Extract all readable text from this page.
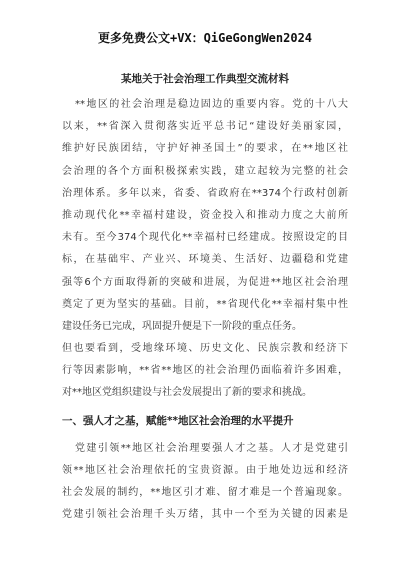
更多免费公文+VX：QiGeGongWen2024
某地关于社会治理工作典型交流材料
**地区的社会治理是稳边固边的重要内容。党的十八大
以来，**省深入贯彻落实近平总书记“建设好美丽家园，
维护好民族团结，守护好神圣国土”的要求，在**地区社
会治理的各个方面积极探索实践，建立起较为完整的社会
治理体系。多年以来，省委、省政府在**374个行政村创新
推动现代化**幸福村建设，资金投入和推动力度之大前所
未有。至今374个现代化**幸福村已经建成。按照设定的目
标，在基础牢、产业兴、环境美、生活好、边疆稳和党建
强等6个方面取得新的突破和进展，为促进**地区社会治理
奠定了更为坚实的基础。目前，**省现代化**幸福村集中性
建设任务已完成，巩固提升便是下一阶段的重点任务。
但也要看到，受地缘环境、历史文化、民族宗教和经济下
行等因素影响，**省**地区的社会治理仍面临着许多困难，
对**地区党组织建设与社会发展提出了新的要求和挑战。
一、强人才之基，赋能**地区社会治理的水平提升
党建引领**地区社会治理要强人才之基。人才是党建引
领**地区社会治理依托的宝贵资源。由于地处边远和经济
社会发展的制约，**地区引才难、留才难是一个普遍现象。
党建引领社会治理千头万绪，其中一个至为关键的因素是
